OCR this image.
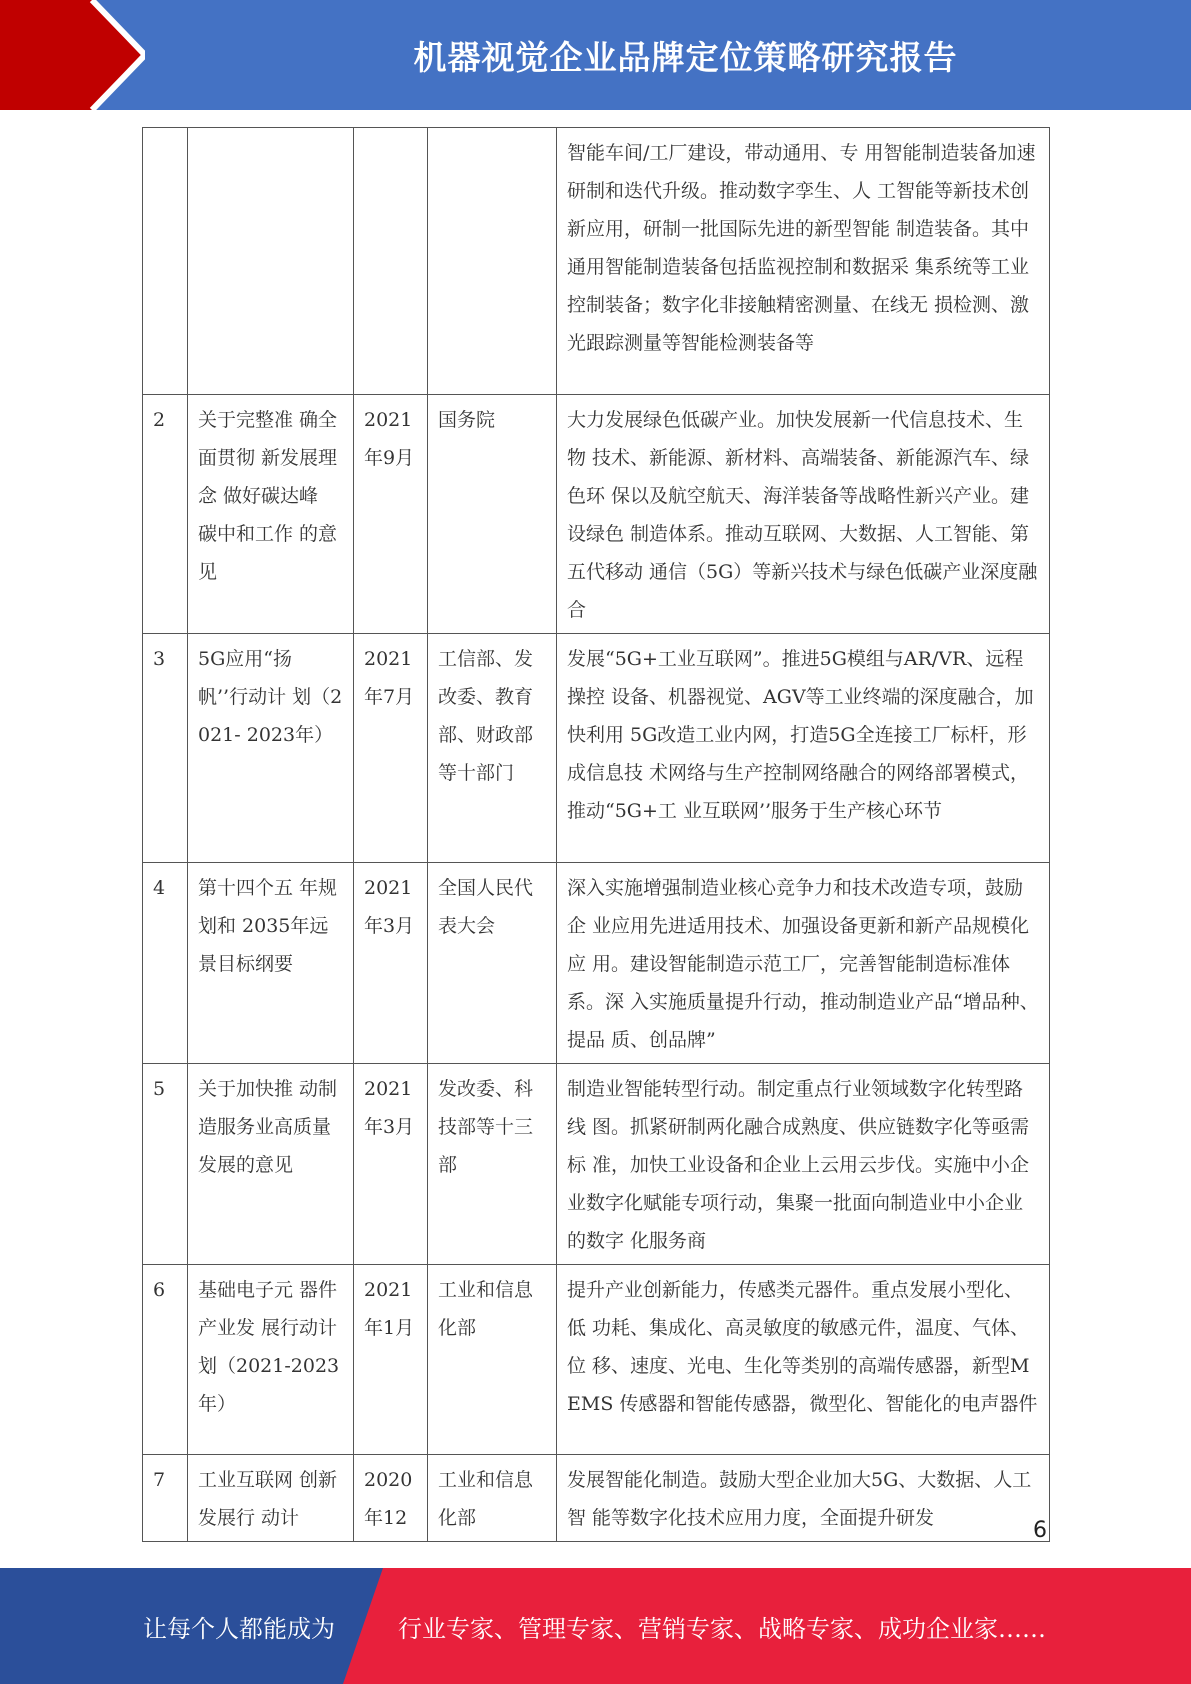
机器视觉企业品牌定位策略研究报告
				智能车间/工厂建设，带动通用、专 用智能制造装备加速研制和迭代升级。推动数字孪生、人 工智能等新技术创新应用，研制一批国际先进的新型智能 制造装备。其中通用智能制造装备包括监视控制和数据采 集系统等工业控制装备；数字化非接触精密测量、在线无 损检测、激光跟踪测量等智能检测装备等
2	关于完整准 确全面贯彻 新发展理念 做好碳达峰 碳中和工作 的意见	2021年9月	国务院	大力发展绿色低碳产业。加快发展新一代信息技术、生物 技术、新能源、新材料、高端装备、新能源汽车、绿色环 保以及航空航天、海洋装备等战略性新兴产业。建设绿色 制造体系。推动互联网、大数据、人工智能、第五代移动 通信（5G）等新兴技术与绿色低碳产业深度融合
3	5G应用“扬 帆’’行动计 划（2021- 2023年）	2021年7月	工信部、发改委、教育部、财政部等十部门	发展“5G+工业互联网”。推进5G模组与AR/VR、远程操控 设备、机器视觉、AGV等工业终端的深度融合，加快利用 5G改造工业内网，打造5G全连接工厂标杆，形成信息技 术网络与生产控制网络融合的网络部署模式，推动“5G+工 业互联网’’服务于生产核心环节
4	第十四个五 年规划和 2035年远 景目标纲要	2021年3月	全国人民代表大会	深入实施增强制造业核心竞争力和技术改造专项，鼓励企 业应用先进适用技术、加强设备更新和新产品规模化应 用。建设智能制造示范工厂，完善智能制造标准体系。深 入实施质量提升行动，推动制造业产品“增品种、提品 质、创品牌”
5	关于加快推 动制造服务业高质量发展的意见	2021年3月	发改委、科技部等十三部	制造业智能转型行动。制定重点行业领域数字化转型路线 图。抓紧研制两化融合成熟度、供应链数字化等亟需标 准，加快工业设备和企业上云用云步伐。实施中小企业数字化赋能专项行动，集聚一批面向制造业中小企业的数字 化服务商
6	基础电子元 器件产业发 展行动计划（2021-2023 年）	2021年1月	工业和信息化部	提升产业创新能力，传感类元器件。重点发展小型化、低 功耗、集成化、高灵敏度的敏感元件，温度、气体、位 移、速度、光电、生化等类别的高端传感器，新型MEMS 传感器和智能传感器，微型化、智能化的电声器件
7	工业互联网 创新发展行 动计	2020年12	工业和信息化部	发展智能化制造。鼓励大型企业加大5G、大数据、人工智 能等数字化技术应用力度，全面提升研发	6
让每个人都能成为	行业专家、管理专家、营销专家、战略专家、成功企业家……
